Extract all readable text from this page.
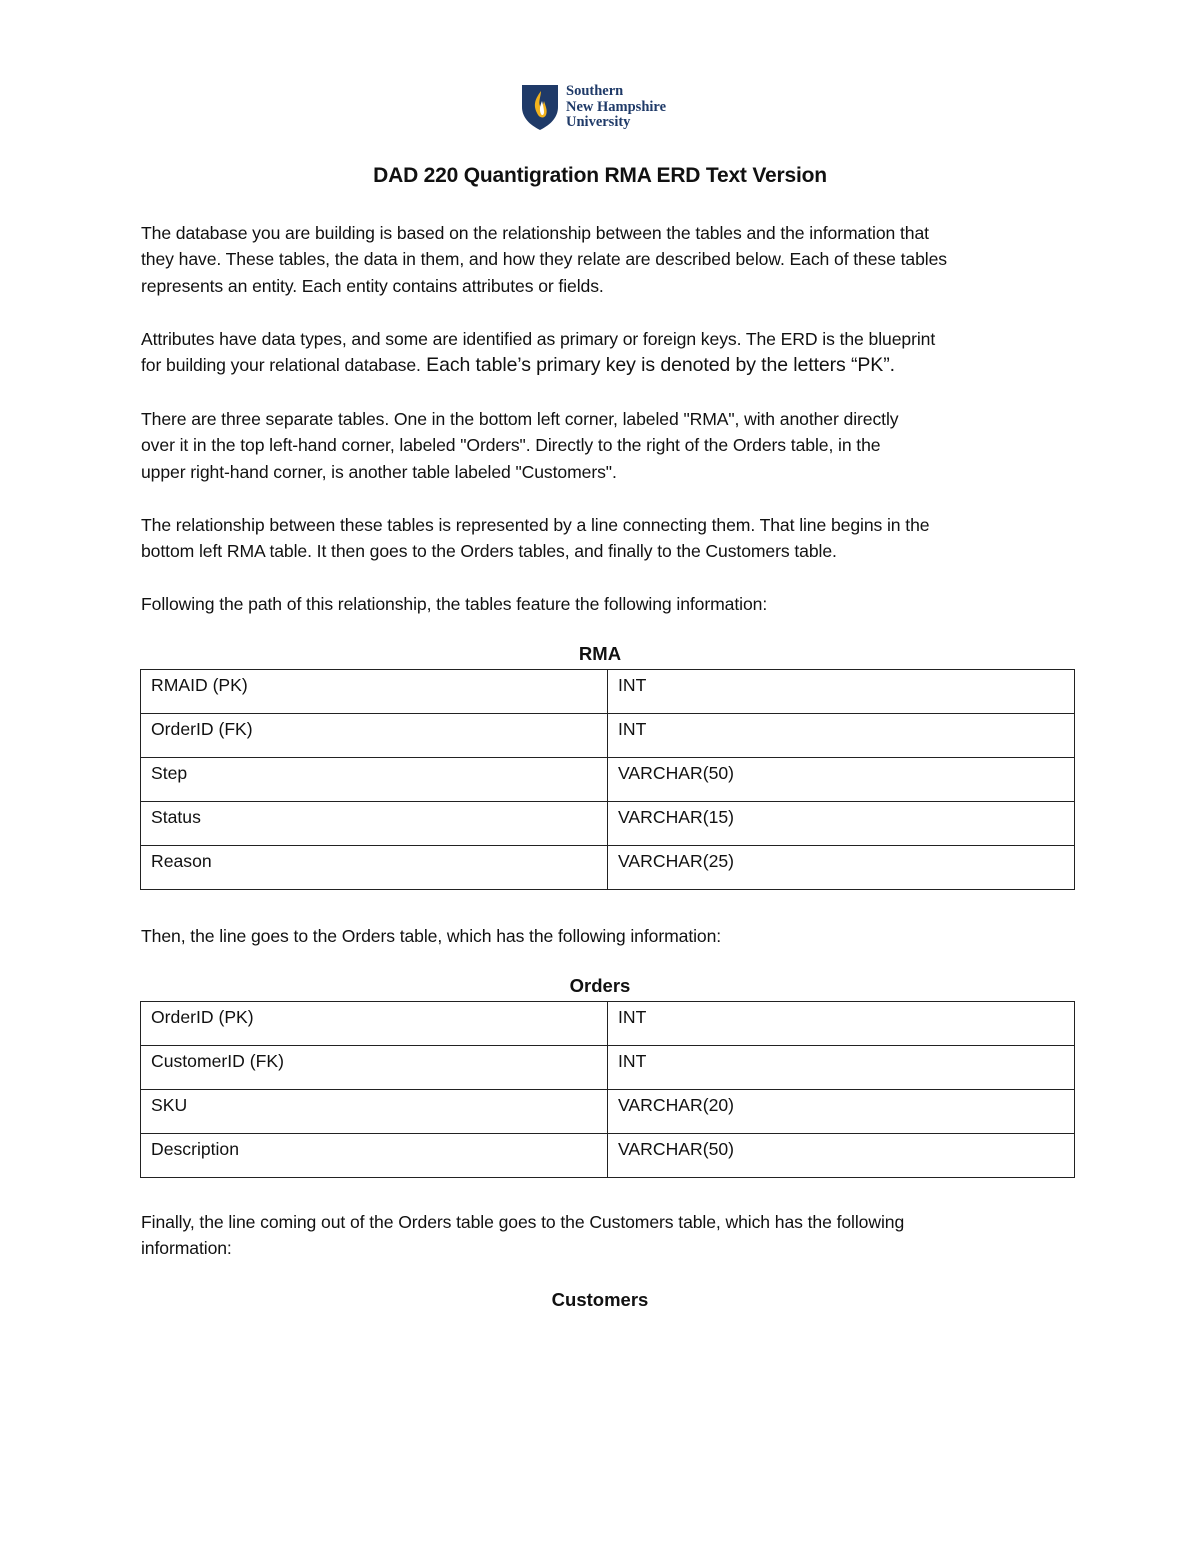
Southern
New Hampshire
University
DAD 220 Quantigration RMA ERD Text Version
The database you are building is based on the relationship between the tables and the information that
they have. These tables, the data in them, and how they relate are described below. Each of these tables
represents an entity. Each entity contains attributes or fields.
Attributes have data types, and some are identified as primary or foreign keys. The ERD is the blueprint
for building your relational database. Each table’s primary key is denoted by the letters “PK”.
There are three separate tables. One in the bottom left corner, labeled "RMA", with another directly
over it in the top left-hand corner, labeled "Orders". Directly to the right of the Orders table, in the
upper right-hand corner, is another table labeled "Customers".
The relationship between these tables is represented by a line connecting them. That line begins in the
bottom left RMA table. It then goes to the Orders tables, and finally to the Customers table.
Following the path of this relationship, the tables feature the following information:
RMA
RMAID (PK)	INT
OrderID (FK)	INT
Step	VARCHAR(50)
Status	VARCHAR(15)
Reason	VARCHAR(25)
Then, the line goes to the Orders table, which has the following information:
Orders
OrderID (PK)	INT
CustomerID (FK)	INT
SKU	VARCHAR(20)
Description	VARCHAR(50)
Finally, the line coming out of the Orders table goes to the Customers table, which has the following
information:
Customers
